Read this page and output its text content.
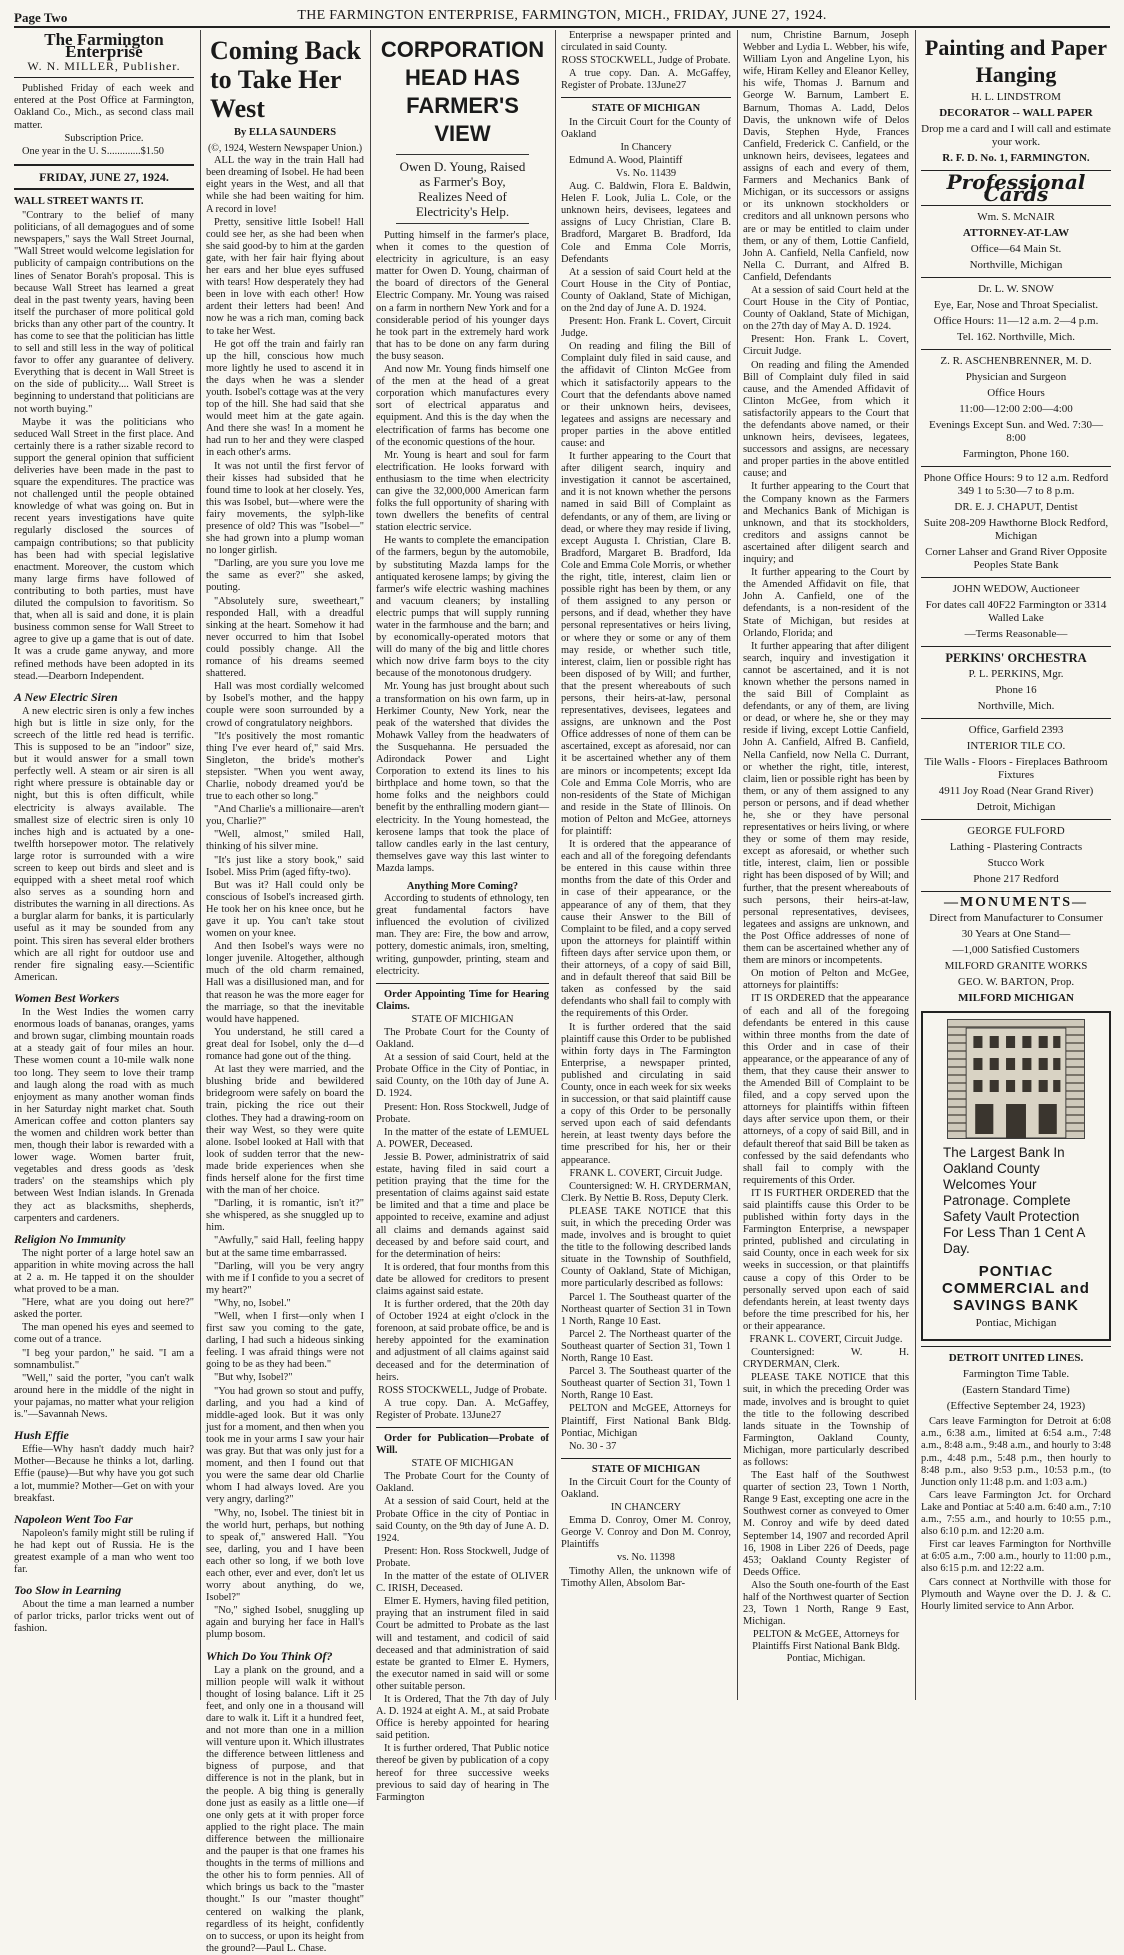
Page Two	THE FARMINGTON ENTERPRISE, FARMINGTON, MICH., FRIDAY, JUNE 27, 1924.
The Farmington Enterprise
W. N. MILLER, Publisher.

Published Friday of each week and entered at the Post Office at Farmington, Oakland Co., Mich., as second class mail matter.

Subscription Price.

One year in the U. S.............$1.50

FRIDAY, JUNE 27, 1924.
WALL STREET WANTS IT.

"Contrary to the belief of many politicians, of all demagogues and of some newspapers," says the Wall Street Journal, "Wall Street would welcome legislation for publicity of campaign contributions on the lines of Senator Borah's proposal. This is because Wall Street has learned a great deal in the past twenty years, having been itself the purchaser of more political gold bricks than any other part of the country. It has come to see that the politician has little to sell and still less in the way of political favor to offer any guarantee of delivery. Everything that is decent in Wall Street is on the side of publicity.... Wall Street is beginning to understand that politicians are not worth buying."

Maybe it was the politicians who seduced Wall Street in the first place. And certainly there is a rather sizable record to support the general opinion that sufficient deliveries have been made in the past to square the expenditures. The practice was not challenged until the people obtained knowledge of what was going on. But in recent years investigations have quite regularly disclosed the sources of campaign contributions; so that publicity has been had with special legislative enactment. Moreover, the custom which many large firms have followed of contributing to both parties, must have diluted the compulsion to favoritism. So that, when all is said and done, it is plain business common sense for Wall Street to agree to give up a game that is out of date. It was a crude game anyway, and more refined methods have been adopted in its stead.—Dearborn Independent.

A New Electric Siren

A new electric siren is only a few inches high but is little in size only, for the screech of the little red head is terrific. This is supposed to be an "indoor" size, but it would answer for a small town perfectly well. A steam or air siren is all right where pressure is obtainable day or night, but this is often difficult, while electricity is always available. The smallest size of electric siren is only 10 inches high and is actuated by a one-twelfth horsepower motor. The relatively large rotor is surrounded with a wire screen to keep out birds and sleet and is equipped with a sheet metal roof which also serves as a sounding horn and distributes the warning in all directions. As a burglar alarm for banks, it is particularly useful as it may be sounded from any point. This siren has several elder brothers which are all right for outdoor use and render fire signaling easy.—Scientific American.

Women Best Workers

In the West Indies the women carry enormous loads of bananas, oranges, yams and brown sugar, climbing mountain roads at a steady gait of four miles an hour. These women count a 10-mile walk none too long. They seem to love their tramp and laugh along the road with as much enjoyment as many another woman finds in her Saturday night market chat. South American coffee and cotton planters say the women and children work better than men, though their labor is rewarded with a lower wage. Women barter fruit, vegetables and dress goods as 'desk traders' on the steamships which ply between West Indian islands. In Grenada they act as blacksmiths, shepherds, carpenters and cardeners.

Religion No Immunity

The night porter of a large hotel saw an apparition in white moving across the hall at 2 a. m. He tapped it on the shoulder what proved to be a man.

"Here, what are you doing out here?" asked the porter.

The man opened his eyes and seemed to come out of a trance.

"I beg your pardon," he said. "I am a somnambulist."

"Well," said the porter, "you can't walk around here in the middle of the night in your pajamas, no matter what your religion is."—Savannah News.

Hush Effie

Effie—Why hasn't daddy much hair? Mother—Because he thinks a lot, darling. Effie (pause)—But why have you got such a lot, mummie? Mother—Get on with your breakfast.

Napoleon Went Too Far

Napoleon's family might still be ruling if he had kept out of Russia. He is the greatest example of a man who went too far.

Too Slow in Learning

About the time a man learned a number of parlor tricks, parlor tricks went out of fashion.

Coming Back to Take Her West
By ELLA SAUNDERS
(©, 1924, Western Newspaper Union.)

ALL the way in the train Hall had been dreaming of Isobel. He had been eight years in the West, and all that while she had been waiting for him. A record in love!

Pretty, sensitive little Isobel! Hall could see her, as she had been when she said good-by to him at the garden gate, with her fair hair flying about her ears and her blue eyes suffused with tears! How desperately they had been in love with each other! How ardent their letters had been! And now he was a rich man, coming back to take her West.

He got off the train and fairly ran up the hill, conscious how much more lightly he used to ascend it in the days when he was a slender youth. Isobel's cottage was at the very top of the hill. She had said that she would meet him at the gate again. And there she was! In a moment he had run to her and they were clasped in each other's arms.

It was not until the first fervor of their kisses had subsided that he found time to look at her closely. Yes, this was Isobel, but—where were the fairy movements, the sylph-like presence of old? This was "Isobel—" she had grown into a plump woman no longer girlish.

"Darling, are you sure you love me the same as ever?" she asked, pouting.

"Absolutely sure, sweetheart," responded Hall, with a dreadful sinking at the heart. Somehow it had never occurred to him that Isobel could possibly change. All the romance of his dreams seemed shattered.

Hall was most cordially welcomed by Isobel's mother, and the happy couple were soon surrounded by a crowd of congratulatory neighbors.

"It's positively the most romantic thing I've ever heard of," said Mrs. Singleton, the bride's mother's stepsister. "When you went away, Charlie, nobody dreamed you'd be true to each other so long."

"And Charlie's a millionaire—aren't you, Charlie?"

"Well, almost," smiled Hall, thinking of his silver mine.

"It's just like a story book," said Isobel. Miss Prim (aged fifty-two).

But was it? Hall could only be conscious of Isobel's increased girth. He took her on his knee once, but he gave it up. You can't take stout women on your knee.

And then Isobel's ways were no longer juvenile. Altogether, although much of the old charm remained, Hall was a disillusioned man, and for that reason he was the more eager for the marriage, so that the inevitable would have happened.

You understand, he still cared a great deal for Isobel, only the d—d romance had gone out of the thing.

At last they were married, and the blushing bride and bewildered bridegroom were safely on board the train, picking the rice out their clothes. They had a drawing-room on their way West, so they were quite alone. Isobel looked at Hall with that look of sudden terror that the new-made bride experiences when she finds herself alone for the first time with the man of her choice.

"Darling, it is romantic, isn't it?" she whispered, as she snuggled up to him.

"Awfully," said Hall, feeling happy but at the same time embarrassed.

"Darling, will you be very angry with me if I confide to you a secret of my heart?"

"Why, no, Isobel."

"Well, when I first—only when I first saw you coming to the gate, darling, I had such a hideous sinking feeling. I was afraid things were not going to be as they had been."

"But why, Isobel?"

"You had grown so stout and puffy, darling, and you had a kind of middle-aged look. But it was only just for a moment, and then when you took me in your arms I saw your hair was gray. But that was only just for a moment, and then I found out that you were the same dear old Charlie whom I had always loved. Are you very angry, darling?"

"Why, no, Isobel. The tiniest bit in the world hurt, perhaps, but nothing to speak of," answered Hall. "You see, darling, you and I have been each other so long, if we both love each other, ever and ever, don't let us worry about anything, do we, Isobel?"

"No," sighed Isobel, snuggling up again and burying her face in Hall's plump bosom.

Which Do You Think Of?

Lay a plank on the ground, and a million people will walk it without thought of losing balance. Lift it 25 feet, and only one in a thousand will dare to walk it. Lift it a hundred feet, and not more than one in a million will venture upon it. Which illustrates the difference between littleness and bigness of purpose, and that difference is not in the plank, but in the people. A big thing is generally done just as easily as a little one—if one only gets at it with proper force applied to the right place. The main difference between the millionaire and the pauper is that one frames his thoughts in the terms of millions and the other his to form pennies. All of which brings us back to the "master thought." Is our "master thought" centered on walking the plank, regardless of its height, confidently on to success, or upon its height from the ground?—Paul L. Chase.

CORPORATION HEAD HAS FARMER'S VIEW
Owen D. Young, Raised as Farmer's Boy, Realizes Need of Electricity's Help.

Putting himself in the farmer's place, when it comes to the question of electricity in agriculture, is an easy matter for Owen D. Young, chairman of the board of directors of the General Electric Company. Mr. Young was raised on a farm in northern New York and for a considerable period of his younger days he took part in the extremely hard work that has to be done on any farm during the busy season.

And now Mr. Young finds himself one of the men at the head of a great corporation which manufactures every sort of electrical apparatus and equipment. And this is the day when the electrification of farms has become one of the economic questions of the hour.

Mr. Young is heart and soul for farm electrification. He looks forward with enthusiasm to the time when electricity can give the 32,000,000 American farm folks the full opportunity of sharing with town dwellers the benefits of central station electric service.

He wants to complete the emancipation of the farmers, begun by the automobile, by substituting Mazda lamps for the antiquated kerosene lamps; by giving the farmer's wife electric washing machines and vacuum cleaners; by installing electric pumps that will supply running water in the farmhouse and the barn; and by economically-operated motors that will do many of the big and little chores which now drive farm boys to the city because of the monotonous drudgery.

Mr. Young has just brought about such a transformation on his own farm, up in Herkimer County, New York, near the peak of the watershed that divides the Mohawk Valley from the headwaters of the Susquehanna. He persuaded the Adirondack Power and Light Corporation to extend its lines to his birthplace and home town, so that the home folks and the neighbors could benefit by the enthralling modern giant—electricity. In the Young homestead, the kerosene lamps that took the place of tallow candles early in the last century, themselves gave way this last winter to Mazda lamps.

Anything More Coming?

According to students of ethnology, ten great fundamental factors have influenced the evolution of civilized man. They are: Fire, the bow and arrow, pottery, domestic animals, iron, smelting, writing, gunpowder, printing, steam and electricity.

Order Appointing Time for Hearing Claims.

STATE OF MICHIGAN

The Probate Court for the County of Oakland.

At a session of said Court, held at the Probate Office in the City of Pontiac, in said County, on the 10th day of June A. D. 1924.

Present: Hon. Ross Stockwell, Judge of Probate.

In the matter of the estate of LEMUEL A. POWER, Deceased.

Jessie B. Power, administratrix of said estate, having filed in said court a petition praying that the time for the presentation of claims against said estate be limited and that a time and place be appointed to receive, examine and adjust all claims and demands against said deceased by and before said court, and for the determination of heirs:

It is ordered, that four months from this date be allowed for creditors to present claims against said estate.

It is further ordered, that the 20th day of October 1924 at eight o'clock in the forenoon, at said probate office, be and is hereby appointed for the examination and adjustment of all claims against said deceased and for the determination of heirs.

ROSS STOCKWELL, Judge of Probate.

A true copy. Dan. A. McGaffey, Register of Probate. 13June27

Order for Publication—Probate of Will.

STATE OF MICHIGAN

The Probate Court for the County of Oakland.

At a session of said Court, held at the Probate Office in the city of Pontiac in said County, on the 9th day of June A. D. 1924.

Present: Hon. Ross Stockwell, Judge of Probate.

In the matter of the estate of OLIVER C. IRISH, Deceased.

Elmer E. Hymers, having filed petition, praying that an instrument filed in said Court be admitted to Probate as the last will and testament, and codicil of said deceased and that administration of said estate be granted to Elmer E. Hymers, the executor named in said will or some other suitable person.

It is Ordered, That the 7th day of July A. D. 1924 at eight A. M., at said Probate Office is hereby appointed for hearing said petition.

It is further ordered, That Public notice thereof be given by publication of a copy hereof for three successive weeks previous to said day of hearing in The Farmington

Enterprise a newspaper printed and circulated in said County.

ROSS STOCKWELL, Judge of Probate.

A true copy. Dan. A. McGaffey, Register of Probate. 13June27

STATE OF MICHIGAN

In the Circuit Court for the County of Oakland

In Chancery

Edmund A. Wood, Plaintiff

Vs. No. 11439

Aug. C. Baldwin, Flora E. Baldwin, Helen F. Look, Julia L. Cole, or the unknown heirs, devisees, legatees and assigns of Lucy Christian, Clare B. Bradford, Margaret B. Bradford, Ida Cole and Emma Cole Morris, Defendants

At a session of said Court held at the Court House in the City of Pontiac, County of Oakland, State of Michigan, on the 2nd day of June A. D. 1924.

Present: Hon. Frank L. Covert, Circuit Judge.

On reading and filing the Bill of Complaint duly filed in said cause, and the affidavit of Clinton McGee from which it satisfactorily appears to the Court that the defendants above named or their unknown heirs, devisees, legatees and assigns are necessary and proper parties in the above entitled cause: and

It further appearing to the Court that after diligent search, inquiry and investigation it cannot be ascertained, and it is not known whether the persons named in said Bill of Complaint as defendants, or any of them, are living or dead, or where they may reside if living, except Augusta I. Christian, Clare B. Bradford, Margaret B. Bradford, Ida Cole and Emma Cole Morris, or whether the right, title, interest, claim lien or possible right has been by them, or any of them assigned to any person or persons, and if dead, whether they have personal representatives or heirs living, or where they or some or any of them may reside, or whether such title, interest, claim, lien or possible right has been disposed of by Will; and further, that the present whereabouts of such persons, their heirs-at-law, personal representatives, devisees, legatees and assigns, are unknown and the Post Office addresses of none of them can be ascertained, except as aforesaid, nor can it be ascertained whether any of them are minors or incompetents; except Ida Cole and Emma Cole Morris, who are non-residents of the State of Michigan and reside in the State of Illinois. On motion of Pelton and McGee, attorneys for plaintiff:

It is ordered that the appearance of each and all of the foregoing defendants be entered in this cause within three months from the date of this Order and in case of their appearance, or the appearance of any of them, that they cause their Answer to the Bill of Complaint to be filed, and a copy served upon the attorneys for plaintiff within fifteen days after service upon them, or their attorneys, of a copy of said Bill, and in default thereof that said Bill be taken as confessed by the said defendants who shall fail to comply with the requirements of this Order.

It is further ordered that the said plaintiff cause this Order to be published within forty days in The Farmington Enterprise, a newspaper printed, published and circulating in said County, once in each week for six weeks in succession, or that said plaintiff cause a copy of this Order to be personally served upon each of said defendants herein, at least twenty days before the time prescribed for his, her or their appearance.

FRANK L. COVERT, Circuit Judge.

Countersigned: W. H. CRYDERMAN, Clerk. By Nettie B. Ross, Deputy Clerk.

PLEASE TAKE NOTICE that this suit, in which the preceding Order was made, involves and is brought to quiet the title to the following described lands situate in the Township of Southfield, County of Oakland, State of Michigan, more particularly described as follows:

Parcel 1. The Southeast quarter of the Northeast quarter of Section 31 in Town 1 North, Range 10 East.

Parcel 2. The Northeast quarter of the Southeast quarter of Section 31, Town 1 North, Range 10 East.

Parcel 3. The Southeast quarter of the Southeast quarter of Section 31, Town 1 North, Range 10 East.

PELTON and McGEE, Attorneys for Plaintiff, First National Bank Bldg. Pontiac, Michigan

No. 30 - 37

STATE OF MICHIGAN

In the Circuit Court for the County of Oakland.

IN CHANCERY

Emma D. Conroy, Omer M. Conroy, George V. Conroy and Don M. Conroy, Plaintiffs

vs. No. 11398

Timothy Allen, the unknown wife of Timothy Allen, Absolom Bar-

num, Christine Barnum, Joseph Webber and Lydia L. Webber, his wife, William Lyon and Angeline Lyon, his wife, Hiram Kelley and Eleanor Kelley, his wife, Thomas J. Barnum and George W. Barnum, Lambert E. Barnum, Thomas A. Ladd, Delos Davis, the unknown wife of Delos Davis, Stephen Hyde, Frances Canfield, Frederick C. Canfield, or the unknown heirs, devisees, legatees and assigns of each and every of them, Farmers and Mechanics Bank of Michigan, or its successors or assigns or its unknown stockholders or creditors and all unknown persons who are or may be entitled to claim under them, or any of them, Lottie Canfield, John A. Canfield, Nella Canfield, now Nella C. Durrant, and Alfred B. Canfield, Defendants

At a session of said Court held at the Court House in the City of Pontiac, County of Oakland, State of Michigan, on the 27th day of May A. D. 1924.

Present: Hon. Frank L. Covert, Circuit Judge.

On reading and filing the Amended Bill of Complaint duly filed in said cause, and the Amended Affidavit of Clinton McGee, from which it satisfactorily appears to the Court that the defendants above named, or their unknown heirs, devisees, legatees, successors and assigns, are necessary and proper parties in the above entitled cause; and

It further appearing to the Court that the Company known as the Farmers and Mechanics Bank of Michigan is unknown, and that its stockholders, creditors and assigns cannot be ascertained after diligent search and inquiry; and

It further appearing to the Court by the Amended Affidavit on file, that John A. Canfield, one of the defendants, is a non-resident of the State of Michigan, but resides at Orlando, Florida; and

It further appearing that after diligent search, inquiry and investigation it cannot be ascertained, and it is not known whether the persons named in the said Bill of Complaint as defendants, or any of them, are living or dead, or where he, she or they may reside if living, except Lottie Canfield, John A. Canfield, Alfred B. Canfield, Nella Canfield, now Nella C. Durrant, or whether the right, title, interest, claim, lien or possible right has been by them, or any of them assigned to any person or persons, and if dead whether he, she or they have personal representatives or heirs living, or where they or some of them may reside, except as aforesaid, or whether such title, interest, claim, lien or possible right has been disposed of by Will; and further, that the present whereabouts of such persons, their heirs-at-law, personal representatives, devisees, legatees and assigns are unknown, and the Post Office addresses of none of them can be ascertained whether any of them are minors or incompetents.

On motion of Pelton and McGee, attorneys for plaintiffs:

IT IS ORDERED that the appearance of each and all of the foregoing defendants be entered in this cause within three months from the date of this Order and in case of their appearance, or the appearance of any of them, that they cause their answer to the Amended Bill of Complaint to be filed, and a copy served upon the attorneys for plaintiffs within fifteen days after service upon them, or their attorneys, of a copy of said Bill, and in default thereof that said Bill be taken as confessed by the said defendants who shall fail to comply with the requirements of this Order.

IT IS FURTHER ORDERED that the said plaintiffs cause this Order to be published within forty days in the Farmington Enterprise, a newspaper printed, published and circulating in said County, once in each week for six weeks in succession, or that plaintiffs cause a copy of this Order to be personally served upon each of said defendants herein, at least twenty days before the time prescribed for his, her or their appearance.

FRANK L. COVERT, Circuit Judge.

Countersigned: W. H. CRYDERMAN, Clerk.

PLEASE TAKE NOTICE that this suit, in which the preceding Order was made, involves and is brought to quiet the title to the following described lands situate in the Township of Farmington, Oakland County, Michigan, more particularly described as follows:

The East half of the Southwest quarter of section 23, Town 1 North, Range 9 East, excepting one acre in the Southwest corner as conveyed to Omer M. Conroy and wife by deed dated September 14, 1907 and recorded April 16, 1908 in Liber 226 of Deeds, page 453; Oakland County Register of Deeds Office.

Also the South one-fourth of the East half of the Northwest quarter of Section 23, Town 1 North, Range 9 East, Michigan.

PELTON & McGEE, Attorneys for Plaintiffs First National Bank Bldg. Pontiac, Michigan.

Painting and Paper Hanging
H. L. LINDSTROM
DECORATOR -- WALL PAPER
Drop me a card and I will call and estimate your work.
R. F. D. No. 1, FARMINGTON.
Professional Cards
Wm. S. McNAIR
ATTORNEY-AT-LAW
Office—64 Main St.
Northville, Michigan
Dr. L. W. SNOW
Eye, Ear, Nose and Throat Specialist.
Office Hours: 11—12 a.m. 2—4 p.m.
Tel. 162. Northville, Mich.
Z. R. ASCHENBRENNER, M. D.
Physician and Surgeon
Office Hours
11:00—12:00 2:00—4:00
Evenings Except Sun. and Wed. 7:30—8:00
Farmington, Phone 160.
Phone Office Hours: 9 to 12 a.m. Redford 349 1 to 5:30—7 to 8 p.m.
DR. E. J. CHAPUT, Dentist
Suite 208-209 Hawthorne Block Redford, Michigan
Corner Lahser and Grand River Opposite Peoples State Bank
JOHN WEDOW, Auctioneer
For dates call 40F22 Farmington or 3314 Walled Lake
—Terms Reasonable—
PERKINS' ORCHESTRA
P. L. PERKINS, Mgr.
Phone 16
Northville, Mich.
Office, Garfield 2393
INTERIOR TILE CO.
Tile Walls - Floors - Fireplaces Bathroom Fixtures
4911 Joy Road (Near Grand River)
Detroit, Michigan
GEORGE FULFORD
Lathing - Plastering Contracts
Stucco Work
Phone 217 Redford
—MONUMENTS—
Direct from Manufacturer to Consumer
30 Years at One Stand—
—1,000 Satisfied Customers
MILFORD GRANITE WORKS
GEO. W. BARTON, Prop.
MILFORD MICHIGAN
The Largest Bank In Oakland County Welcomes Your Patronage. Complete Safety Vault Protection For Less Than 1 Cent A Day.
PONTIAC COMMERCIAL and SAVINGS BANK
Pontiac, Michigan
DETROIT UNITED LINES.
Farmington Time Table.
(Eastern Standard Time)
(Effective September 24, 1923)

Cars leave Farmington for Detroit at 6:08 a.m., 6:38 a.m., limited at 6:54 a.m., 7:48 a.m., 8:48 a.m., 9:48 a.m., and hourly to 3:48 p.m., 4:48 p.m., 5:48 p.m., then hourly to 8:48 p.m., also 9:53 p.m., 10:53 p.m., (to Junction only 11:48 p.m. and 1:03 a.m.)

Cars leave Farmington Jct. for Orchard Lake and Pontiac at 5:40 a.m. 6:40 a.m., 7:10 a.m., 7:55 a.m., and hourly to 10:55 p.m., also 6:10 p.m. and 12:20 a.m.

First car leaves Farmington for Northville at 6:05 a.m., 7:00 a.m., hourly to 11:00 p.m., also 6:15 p.m. and 12:22 a.m.

Cars connect at Northville with those for Plymouth and Wayne over the D. J. & C. Hourly limited service to Ann Arbor.
